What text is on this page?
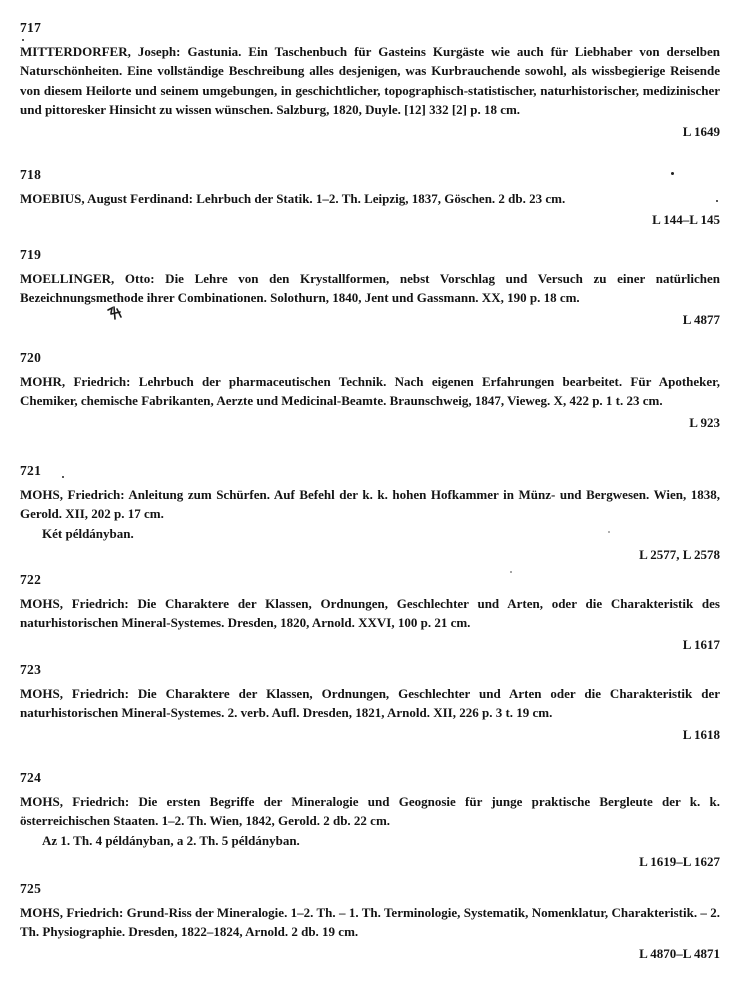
717
MITTERDORFER, Joseph: Gastunia. Ein Taschenbuch für Gasteins Kurgäste wie auch für Liebhaber von derselben Naturschönheiten. Eine vollständige Beschreibung alles desjenigen, was Kurbrauchende sowohl, als wissbegierige Reisende von diesem Heilorte und seinem umgebungen, in geschichtlicher, topographisch-statistischer, naturhistorischer, medizinischer und pittoresker Hinsicht zu wissen wünschen. Salzburg, 1820, Duyle. [12] 332 [2] p. 18 cm.
L 1649
718
MOEBIUS, August Ferdinand: Lehrbuch der Statik. 1–2. Th. Leipzig, 1837, Göschen. 2 db. 23 cm.
L 144–L 145
719
MOELLINGER, Otto: Die Lehre von den Krystallformen, nebst Vorschlag und Versuch zu einer natürlichen Bezeichnungsmethode ihrer Combinationen. Solothurn, 1840, Jent und Gassmann. XX, 190 p. 18 cm.
L 4877
720
MOHR, Friedrich: Lehrbuch der pharmaceutischen Technik. Nach eigenen Erfahrungen bearbeitet. Für Apotheker, Chemiker, chemische Fabrikanten, Aerzte und Medicinal-Beamte. Braunschweig, 1847, Vieweg. X, 422 p. 1 t. 23 cm.
L 923
721
MOHS, Friedrich: Anleitung zum Schürfen. Auf Befehl der k. k. hohen Hofkammer in Münz- und Bergwesen. Wien, 1838, Gerold. XII, 202 p. 17 cm.
Két példányban.
L 2577, L 2578
722
MOHS, Friedrich: Die Charaktere der Klassen, Ordnungen, Geschlechter und Arten, oder die Charakteristik des naturhistorischen Mineral-Systemes. Dresden, 1820, Arnold. XXVI, 100 p. 21 cm.
L 1617
723
MOHS, Friedrich: Die Charaktere der Klassen, Ordnungen, Geschlechter und Arten oder die Charakteristik der naturhistorischen Mineral-Systemes. 2. verb. Aufl. Dresden, 1821, Arnold. XII, 226 p. 3 t. 19 cm.
L 1618
724
MOHS, Friedrich: Die ersten Begriffe der Mineralogie und Geognosie für junge praktische Bergleute der k. k. österreichischen Staaten. 1–2. Th. Wien, 1842, Gerold. 2 db. 22 cm.
Az 1. Th. 4 példányban, a 2. Th. 5 példányban.
L 1619–L 1627
725
MOHS, Friedrich: Grund-Riss der Mineralogie. 1–2. Th. – 1. Th. Terminologie, Systematik, Nomenklatur, Charakteristik. – 2. Th. Physiographie. Dresden, 1822–1824, Arnold. 2 db. 19 cm.
L 4870–L 4871
